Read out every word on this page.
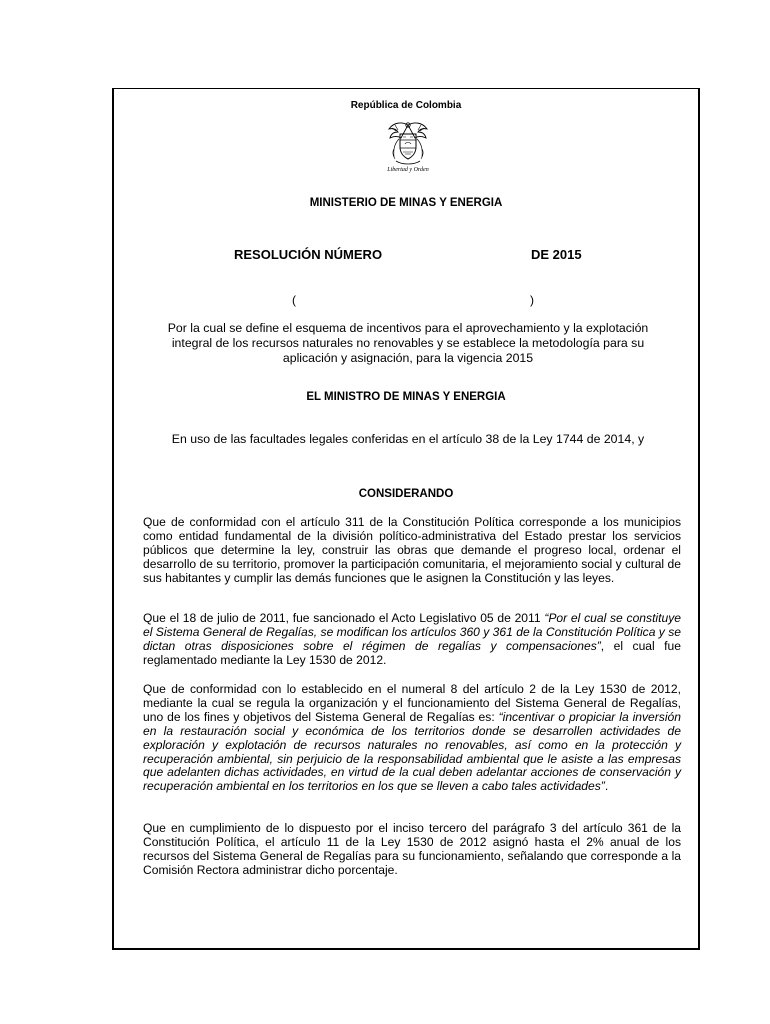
República de Colombia
Libertad y Orden
MINISTERIO DE MINAS Y ENERGIA
RESOLUCIÓN NÚMERO	DE 2015
(	)
Por la cual se define el esquema de incentivos para el aprovechamiento y la explotación integral de los recursos naturales no renovables y se establece la metodología para su aplicación y asignación, para la vigencia 2015
EL MINISTRO DE MINAS Y ENERGIA
En uso de las facultades legales conferidas en el artículo 38 de la Ley 1744 de 2014, y
CONSIDERANDO
Que de conformidad con el artículo 311 de la Constitución Política corresponde a los municipios como entidad fundamental de la división político-administrativa del Estado prestar los servicios públicos que determine la ley, construir las obras que demande el progreso local, ordenar el desarrollo de su territorio, promover la participación comunitaria, el mejoramiento social y cultural de sus habitantes y cumplir las demás funciones que le asignen la Constitución y las leyes.
Que el 18 de julio de 2011, fue sancionado el Acto Legislativo 05 de 2011 “Por el cual se constituye el Sistema General de Regalías, se modifican los artículos 360 y 361 de la Constitución Política y se dictan otras disposiciones sobre el régimen de regalías y compensaciones”, el cual fue reglamentado mediante la Ley 1530 de 2012.
Que de conformidad con lo establecido en el numeral 8 del artículo 2 de la Ley 1530 de 2012, mediante la cual se regula la organización y el funcionamiento del Sistema General de Regalías, uno de los fines y objetivos del Sistema General de Regalías es: “incentivar o propiciar la inversión en la restauración social y económica de los territorios donde se desarrollen actividades de exploración y explotación de recursos naturales no renovables, así como en la protección y recuperación ambiental, sin perjuicio de la responsabilidad ambiental que le asiste a las empresas que adelanten dichas actividades, en virtud de la cual deben adelantar acciones de conservación y recuperación ambiental en los territorios en los que se lleven a cabo tales actividades”.
Que en cumplimiento de lo dispuesto por el inciso tercero del parágrafo 3 del artículo 361 de la Constitución Política, el artículo 11 de la Ley 1530 de 2012 asignó hasta el 2% anual de los recursos del Sistema General de Regalías para su funcionamiento, señalando que corresponde a la Comisión Rectora administrar dicho porcentaje.
